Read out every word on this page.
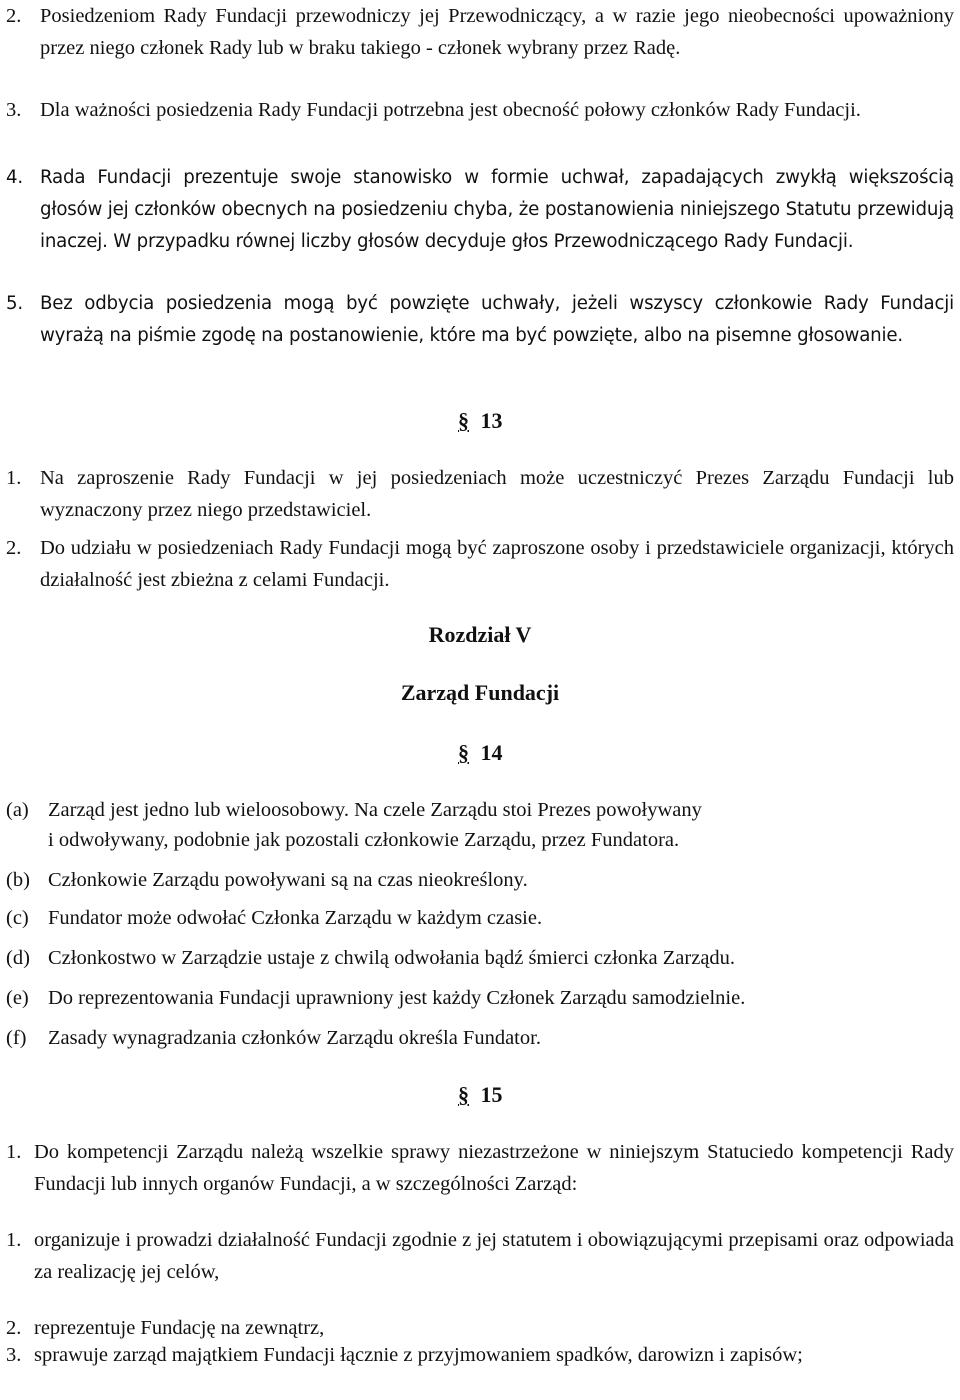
2. Posiedzeniom Rady Fundacji przewodniczy jej Przewodniczący, a w razie jego nieobecności upoważniony przez niego członek Rady lub w braku takiego - członek wybrany przez Radę.
3. Dla ważności posiedzenia Rady Fundacji potrzebna jest obecność połowy członków Rady Fundacji.
4. Rada Fundacji prezentuje swoje stanowisko w formie uchwał, zapadających zwykłą większością głosów jej członków obecnych na posiedzeniu chyba, że postanowienia niniejszego Statutu przewidują inaczej. W przypadku równej liczby głosów decyduje głos Przewodniczącego Rady Fundacji.
5. Bez odbycia posiedzenia mogą być powzięte uchwały, jeżeli wszyscy członkowie Rady Fundacji wyrażą na piśmie zgodę na postanowienie, które ma być powzięte, albo na pisemne głosowanie.
§ 13
1. Na zaproszenie Rady Fundacji w jej posiedzeniach może uczestniczyć Prezes Zarządu Fundacji lub wyznaczony przez niego przedstawiciel.
2. Do udziału w posiedzeniach Rady Fundacji mogą być zaproszone osoby i przedstawiciele organizacji, których działalność jest zbieżna z celami Fundacji.
Rozdział V
Zarząd Fundacji
§ 14
(a) Zarząd jest jedno lub wieloosobowy. Na czele Zarządu stoi Prezes powoływany
i odwoływany, podobnie jak pozostali członkowie Zarządu, przez Fundatora.
(b) Członkowie Zarządu powoływani są na czas nieokreślony.
(c) Fundator może odwołać Członka Zarządu w każdym czasie.
(d) Członkostwo w Zarządzie ustaje z chwilą odwołania bądź śmierci członka Zarządu.
(e) Do reprezentowania Fundacji uprawniony jest każdy Członek Zarządu samodzielnie.
(f) Zasady wynagradzania członków Zarządu określa Fundator.
§ 15
1. Do kompetencji Zarządu należą wszelkie sprawy niezastrzeżone w niniejszym Statuciedo kompetencji Rady Fundacji lub innych organów Fundacji, a w szczególności Zarząd:
1. organizuje i prowadzi działalność Fundacji zgodnie z jej statutem i obowiązującymi przepisami oraz odpowiada za realizację jej celów,
2. reprezentuje Fundację na zewnątrz,
3. sprawuje zarząd majątkiem Fundacji łącznie z przyjmowaniem spadków, darowizn i zapisów;
